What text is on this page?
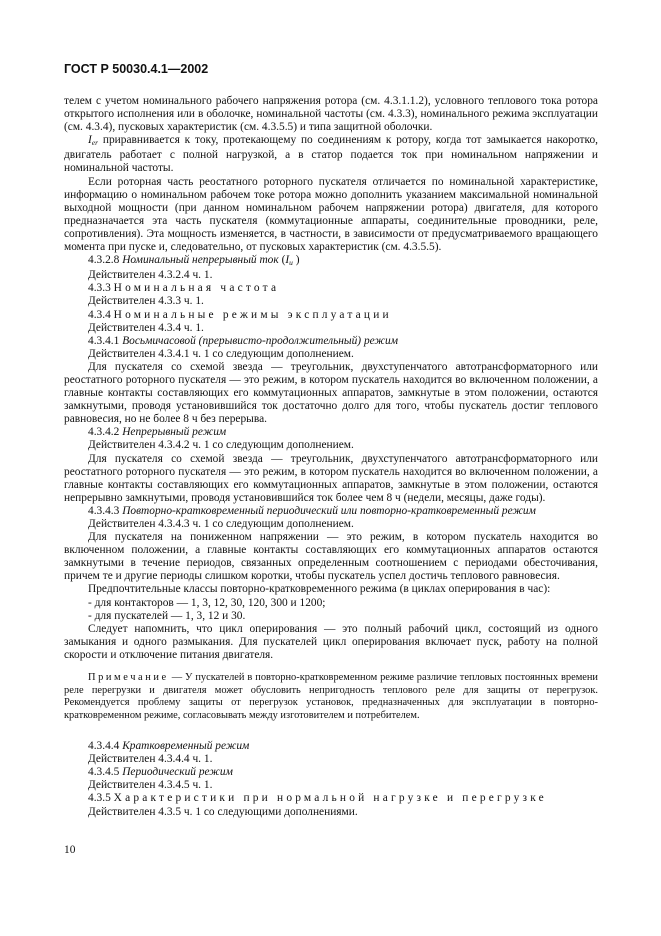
ГОСТ Р 50030.4.1—2002
телем с учетом номинального рабочего напряжения ротора (см. 4.3.1.1.2), условного теплового тока ротора открытого исполнения или в оболочке, номинальной частоты (см. 4.3.3), номинального режима эксплуатации (см. 4.3.4), пусковых характеристик (см. 4.3.5.5) и типа защитной оболочки.
$I_{er}$ приравнивается к току, протекающему по соединениям к ротору, когда тот замыкается накоротко, двигатель работает с полной нагрузкой, а в статор подается ток при номинальном напряжении и номинальной частоты.
Если роторная часть реостатного роторного пускателя отличается по номинальной характеристике, информацию о номинальном рабочем токе ротора можно дополнить указанием максимальной номинальной выходной мощности (при данном номинальном рабочем напряжении ротора) двигателя, для которого предназначается эта часть пускателя (коммутационные аппараты, соединительные проводники, реле, сопротивления). Эта мощность изменяется, в частности, в зависимости от предусматриваемого вращающего момента при пуске и, следовательно, от пусковых характеристик (см. 4.3.5.5).
4.3.2.8 Номинальный непрерывный ток ($I_u$ )
Действителен 4.3.2.4 ч. 1.
4.3.3 Номинальная частота
Действителен 4.3.3 ч. 1.
4.3.4 Номинальные режимы эксплуатации
Действителен 4.3.4 ч. 1.
4.3.4.1 Восьмичасовой (прерывисто-продолжительный) режим
Действителен 4.3.4.1 ч. 1 со следующим дополнением.
Для пускателя со схемой звезда — треугольник, двухступенчатого автотрансформаторного или реостатного роторного пускателя — это режим, в котором пускатель находится во включенном положении, а главные контакты составляющих его коммутационных аппаратов, замкнутые в этом положении, остаются замкнутыми, проводя установившийся ток достаточно долго для того, чтобы пускатель достиг теплового равновесия, но не более 8 ч без перерыва.
4.3.4.2 Непрерывный режим
Действителен 4.3.4.2 ч. 1 со следующим дополнением.
Для пускателя со схемой звезда — треугольник, двухступенчатого автотрансформаторного или реостатного роторного пускателя — это режим, в котором пускатель находится во включенном положении, а главные контакты составляющих его коммутационных аппаратов, замкнутые в этом положении, остаются непрерывно замкнутыми, проводя установившийся ток более чем 8 ч (недели, месяцы, даже годы).
4.3.4.3 Повторно-кратковременный периодический или повторно-кратковременный режим
Действителен 4.3.4.3 ч. 1 со следующим дополнением.
Для пускателя на пониженном напряжении — это режим, в котором пускатель находится во включенном положении, а главные контакты составляющих его коммутационных аппаратов остаются замкнутыми в течение периодов, связанных определенным соотношением с периодами обесточивания, причем те и другие периоды слишком коротки, чтобы пускатель успел достичь теплового равновесия.
Предпочтительные классы повторно-кратковременного режима (в циклах оперирования в час):
- для контакторов — 1, 3, 12, 30, 120, 300 и 1200;
- для пускателей — 1, 3, 12 и 30.
Следует напомнить, что цикл оперирования — это полный рабочий цикл, состоящий из одного замыкания и одного размыкания. Для пускателей цикл оперирования включает пуск, работу на полной скорости и отключение питания двигателя.
Примечание — У пускателей в повторно-кратковременном режиме различие тепловых постоянных времени реле перегрузки и двигателя может обусловить непригодность теплового реле для защиты от перегрузок. Рекомендуется проблему защиты от перегрузок установок, предназначенных для эксплуатации в повторно-кратковременном режиме, согласовывать между изготовителем и потребителем.
4.3.4.4 Кратковременный режим
Действителен 4.3.4.4 ч. 1.
4.3.4.5 Периодический режим
Действителен 4.3.4.5 ч. 1.
4.3.5 Характеристики при нормальной нагрузке и перегрузке
Действителен 4.3.5 ч. 1 со следующими дополнениями.
10
